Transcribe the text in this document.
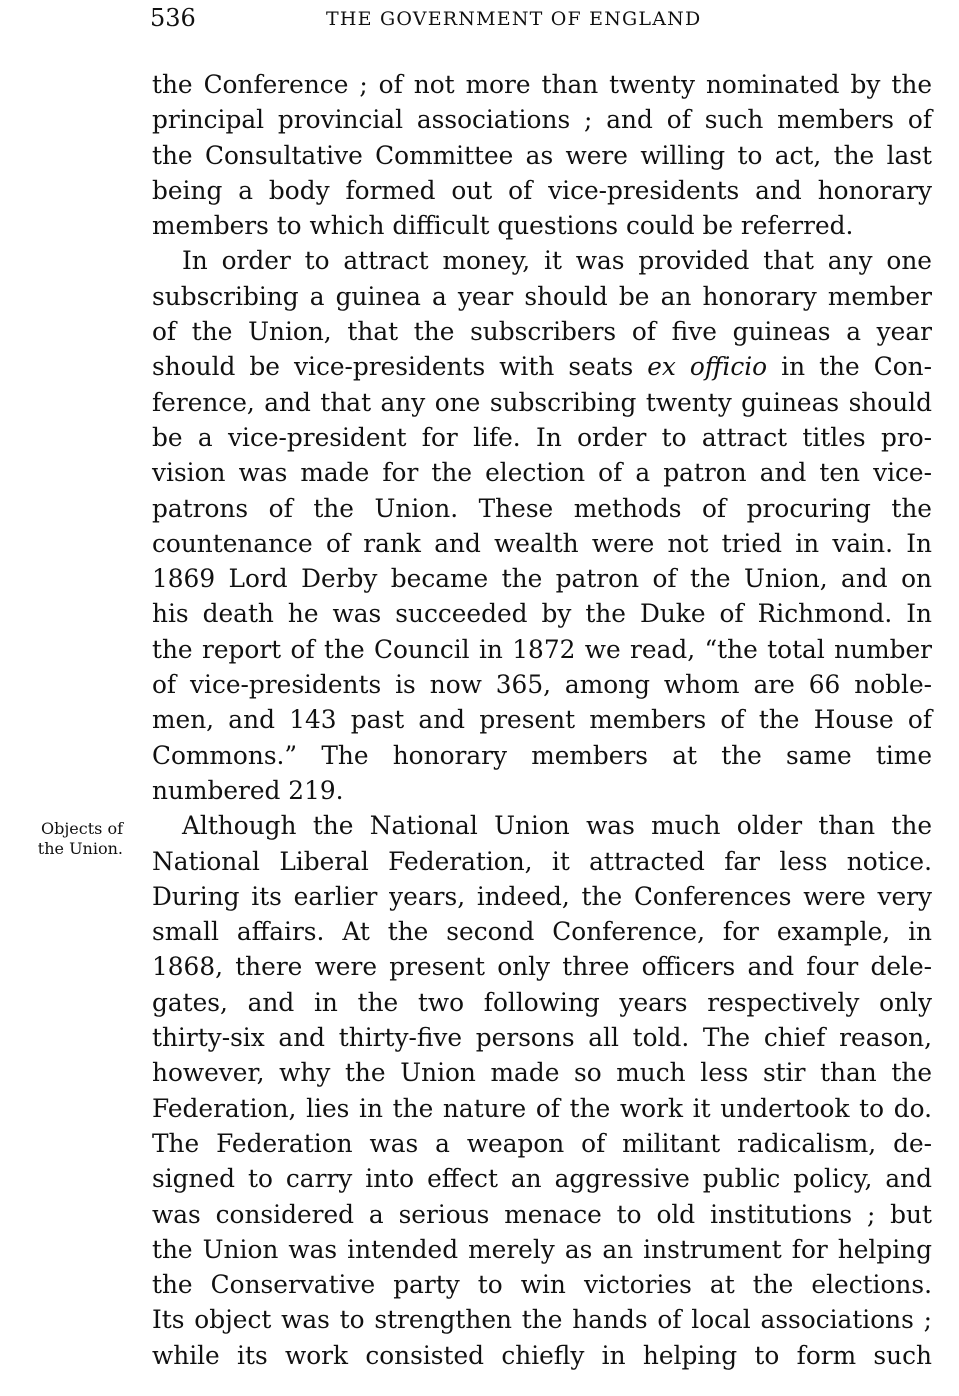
536	THE GOVERNMENT OF ENGLAND
Objects of
the Union.
the Conference ; of not more than twenty nominated by the
principal provincial associations ; and of such members of
the Consultative Committee as were willing to act, the last
being a body formed out of vice-presidents and honorary
members to which difficult questions could be referred.
In order to attract money, it was provided that any one
subscribing a guinea a year should be an honorary member
of the Union, that the subscribers of five guineas a year
should be vice-presidents with seats ex officio in the Con-
ference, and that any one subscribing twenty guineas should
be a vice-president for life. In order to attract titles pro-
vision was made for the election of a patron and ten vice-
patrons of the Union. These methods of procuring the
countenance of rank and wealth were not tried in vain. In
1869 Lord Derby became the patron of the Union, and on
his death he was succeeded by the Duke of Richmond. In
the report of the Council in 1872 we read, “the total number
of vice-presidents is now 365, among whom are 66 noble-
men, and 143 past and present members of the House of
Commons.” The honorary members at the same time
numbered 219.
Although the National Union was much older than the
National Liberal Federation, it attracted far less notice.
During its earlier years, indeed, the Conferences were very
small affairs. At the second Conference, for example, in
1868, there were present only three officers and four dele-
gates, and in the two following years respectively only
thirty-six and thirty-five persons all told. The chief reason,
however, why the Union made so much less stir than the
Federation, lies in the nature of the work it undertook to do.
The Federation was a weapon of militant radicalism, de-
signed to carry into effect an aggressive public policy, and
was considered a serious menace to old institutions ; but
the Union was intended merely as an instrument for helping
the Conservative party to win victories at the elections.
Its object was to strengthen the hands of local associations ;
while its work consisted chiefly in helping to form such
